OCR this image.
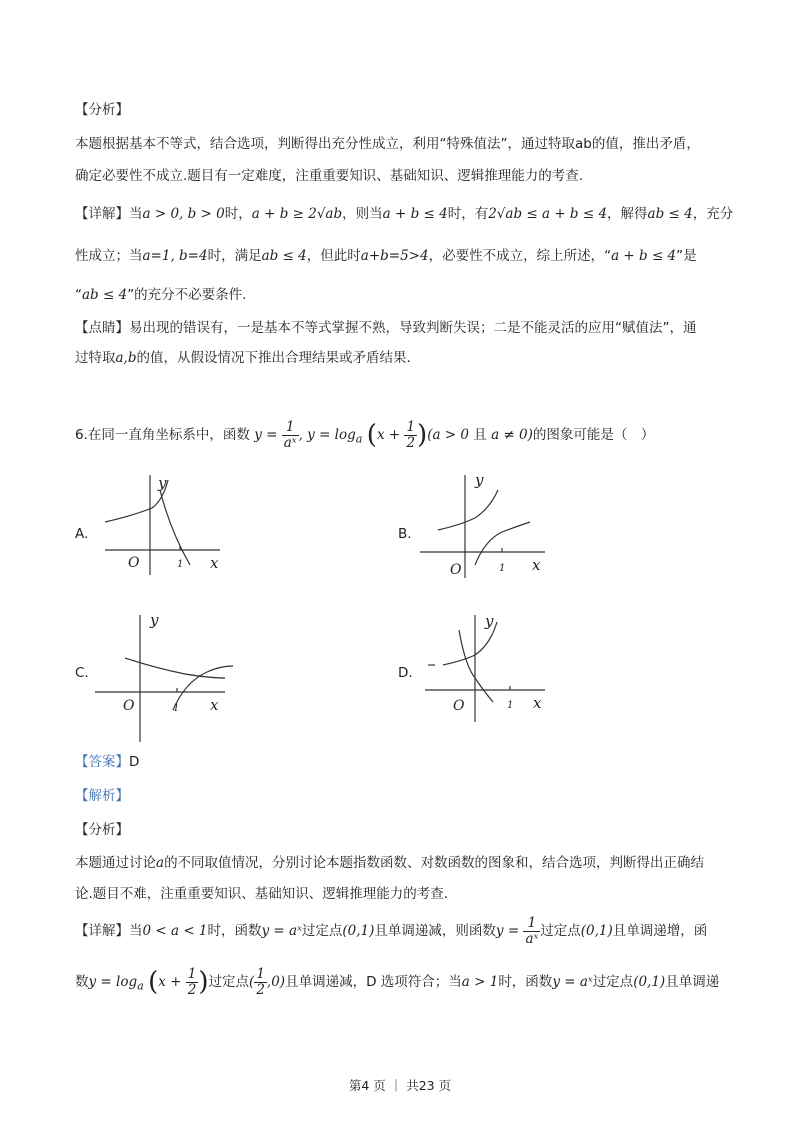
【分析】
本题根据基本不等式，结合选项，判断得出充分性成立，利用“特殊值法”，通过特取ab的值，推出矛盾，
确定必要性不成立.题目有一定难度，注重重要知识、基础知识、逻辑推理能力的考查.
【详解】当a > 0, b > 0时，a + b ≥ 2√ab，则当a + b ≤ 4时，有2√ab ≤ a + b ≤ 4，解得ab ≤ 4，充分
性成立；当a=1, b=4时，满足ab ≤ 4，但此时a+b=5>4，必要性不成立，综上所述，“a + b ≤ 4”是
“ab ≤ 4”的充分不必要条件.
【点睛】易出现的错误有，一是基本不等式掌握不熟，导致判断失误；二是不能灵活的应用“赋值法”，通
过特取a,b的值，从假设情况下推出合理结果或矛盾结果.
6.在同一直角坐标系中，函数 $y = \frac{1}{\text{aˣ}}$ , $y = \log_a (x + \frac{1}{2} )(a > 0$ 且 a ≠ 0)的图象可能是（　）
A.
y
x
O	1
B.
y
x
O	1
C.
y
x
O	1
D.
y
x
O	1
【答案】D
【解析】
【分析】
本题通过讨论a的不同取值情况，分别讨论本题指数函数、对数函数的图象和，结合选项，判断得出正确结
论.题目不难，注重重要知识、基础知识、逻辑推理能力的考查.
【详解】当0 < a < 1时，函数y = aˣ过定点(0,1)且单调递减，则函数$y = \frac{1}{\text{aˣ}}$ 过定点(0,1)且单调递增，函
数$y = \log_a (x + \frac{1}{2}$ )过定点( $\frac{1}{2} ,0$)且单调递减，D 选项符合；当a > 1时，函数y = aˣ过定点(0,1)且单调递
第4 页 ｜ 共23 页
